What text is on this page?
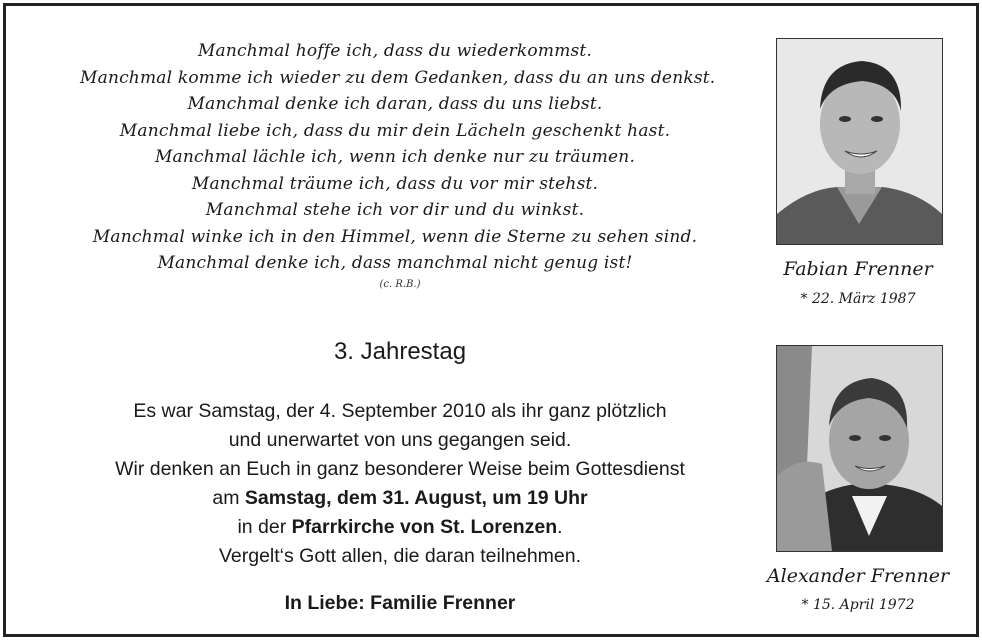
Manchmal hoffe ich, dass du wiederkommst.
Manchmal komme ich wieder zu dem Gedanken, dass du an uns denkst.
Manchmal denke ich daran, dass du uns liebst.
Manchmal liebe ich, dass du mir dein Lächeln geschenkt hast.
Manchmal lächle ich, wenn ich denke nur zu träumen.
Manchmal träume ich, dass du vor mir stehst.
Manchmal stehe ich vor dir und du winkst.
Manchmal winke ich in den Himmel, wenn die Sterne zu sehen sind.
Manchmal denke ich, dass manchmal nicht genug ist!
(c. R.B.)
3. Jahrestag
Es war Samstag, der 4. September 2010 als ihr ganz plötzlich
und unerwartet von uns gegangen seid.
Wir denken an Euch in ganz besonderer Weise beim Gottesdienst
am Samstag, dem 31. August, um 19 Uhr
in der Pfarrkirche von St. Lorenzen.
Vergelt‘s Gott allen, die daran teilnehmen.
In Liebe: Familie Frenner
Fabian Frenner
* 22. März 1987
Alexander Frenner
* 15. April 1972
